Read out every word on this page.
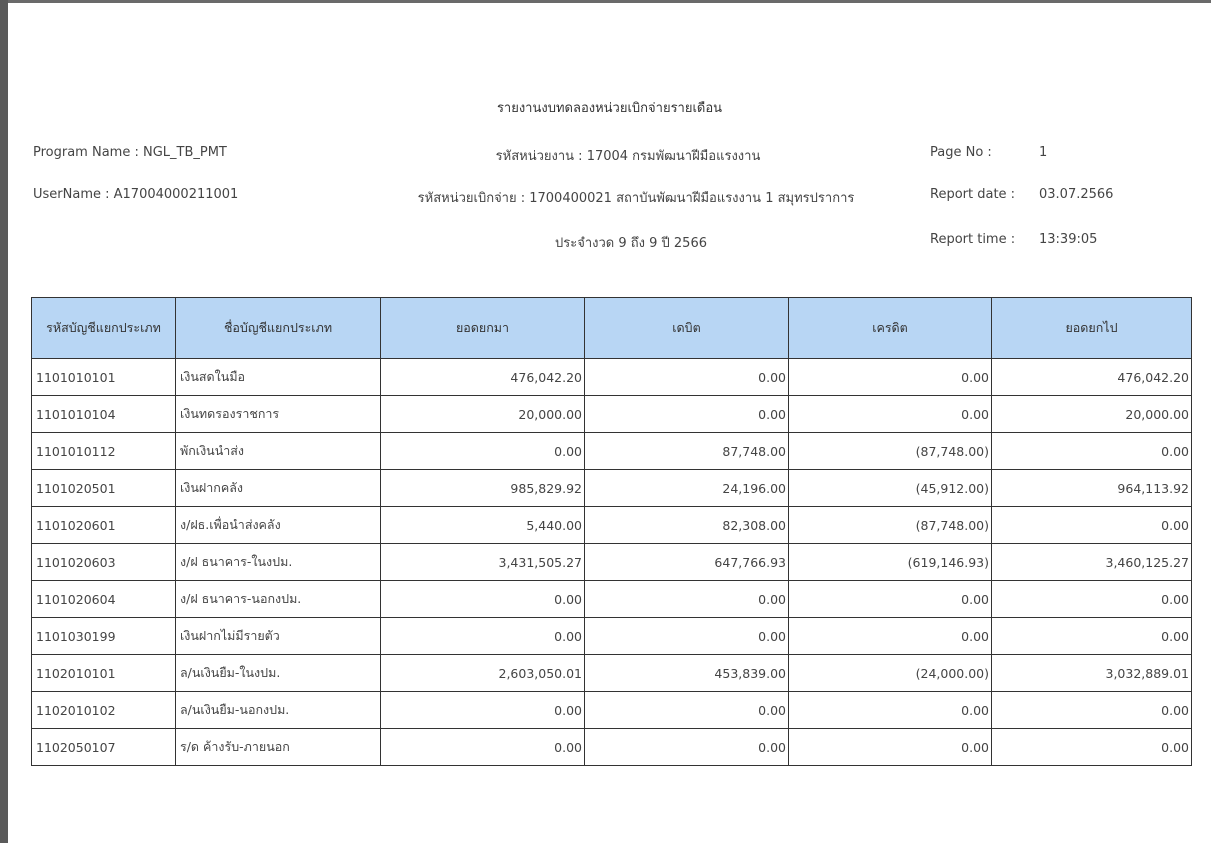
รายงานงบทดลองหน่วยเบิกจ่ายรายเดือน
Program Name : NGL_TB_PMT
UserName : A17004000211001
รหัสหน่วยงาน : 17004 กรมพัฒนาฝีมือแรงงาน
รหัสหน่วยเบิกจ่าย : 1700400021 สถาบันพัฒนาฝีมือแรงงาน 1 สมุทรปราการ
ประจำงวด 9 ถึง 9 ปี 2566
Page No :	1
Report date : 03.07.2566
Report time : 13:39:05
รหัสบัญชีแยกประเภท	ชื่อบัญชีแยกประเภท	ยอดยกมา	เดบิต	เครดิต	ยอดยกไป
1101010101	เงินสดในมือ	476,042.20	0.00	0.00	476,042.20
1101010104	เงินทดรองราชการ	20,000.00	0.00	0.00	20,000.00
1101010112	พักเงินนำส่ง	0.00	87,748.00	(87,748.00)	0.00
1101020501	เงินฝากคลัง	985,829.92	24,196.00	(45,912.00)	964,113.92
1101020601	ง/ฝธ.เพื่อนำส่งคลัง	5,440.00	82,308.00	(87,748.00)	0.00
1101020603	ง/ฝ ธนาคาร-ในงปม.	3,431,505.27	647,766.93	(619,146.93)	3,460,125.27
1101020604	ง/ฝ ธนาคาร-นอกงปม.	0.00	0.00	0.00	0.00
1101030199	เงินฝากไม่มีรายตัว	0.00	0.00	0.00	0.00
1102010101	ล/นเงินยืม-ในงปม.	2,603,050.01	453,839.00	(24,000.00)	3,032,889.01
1102010102	ล/นเงินยืม-นอกงปม.	0.00	0.00	0.00	0.00
1102050107	ร/ด ค้างรับ-ภายนอก	0.00	0.00	0.00	0.00
